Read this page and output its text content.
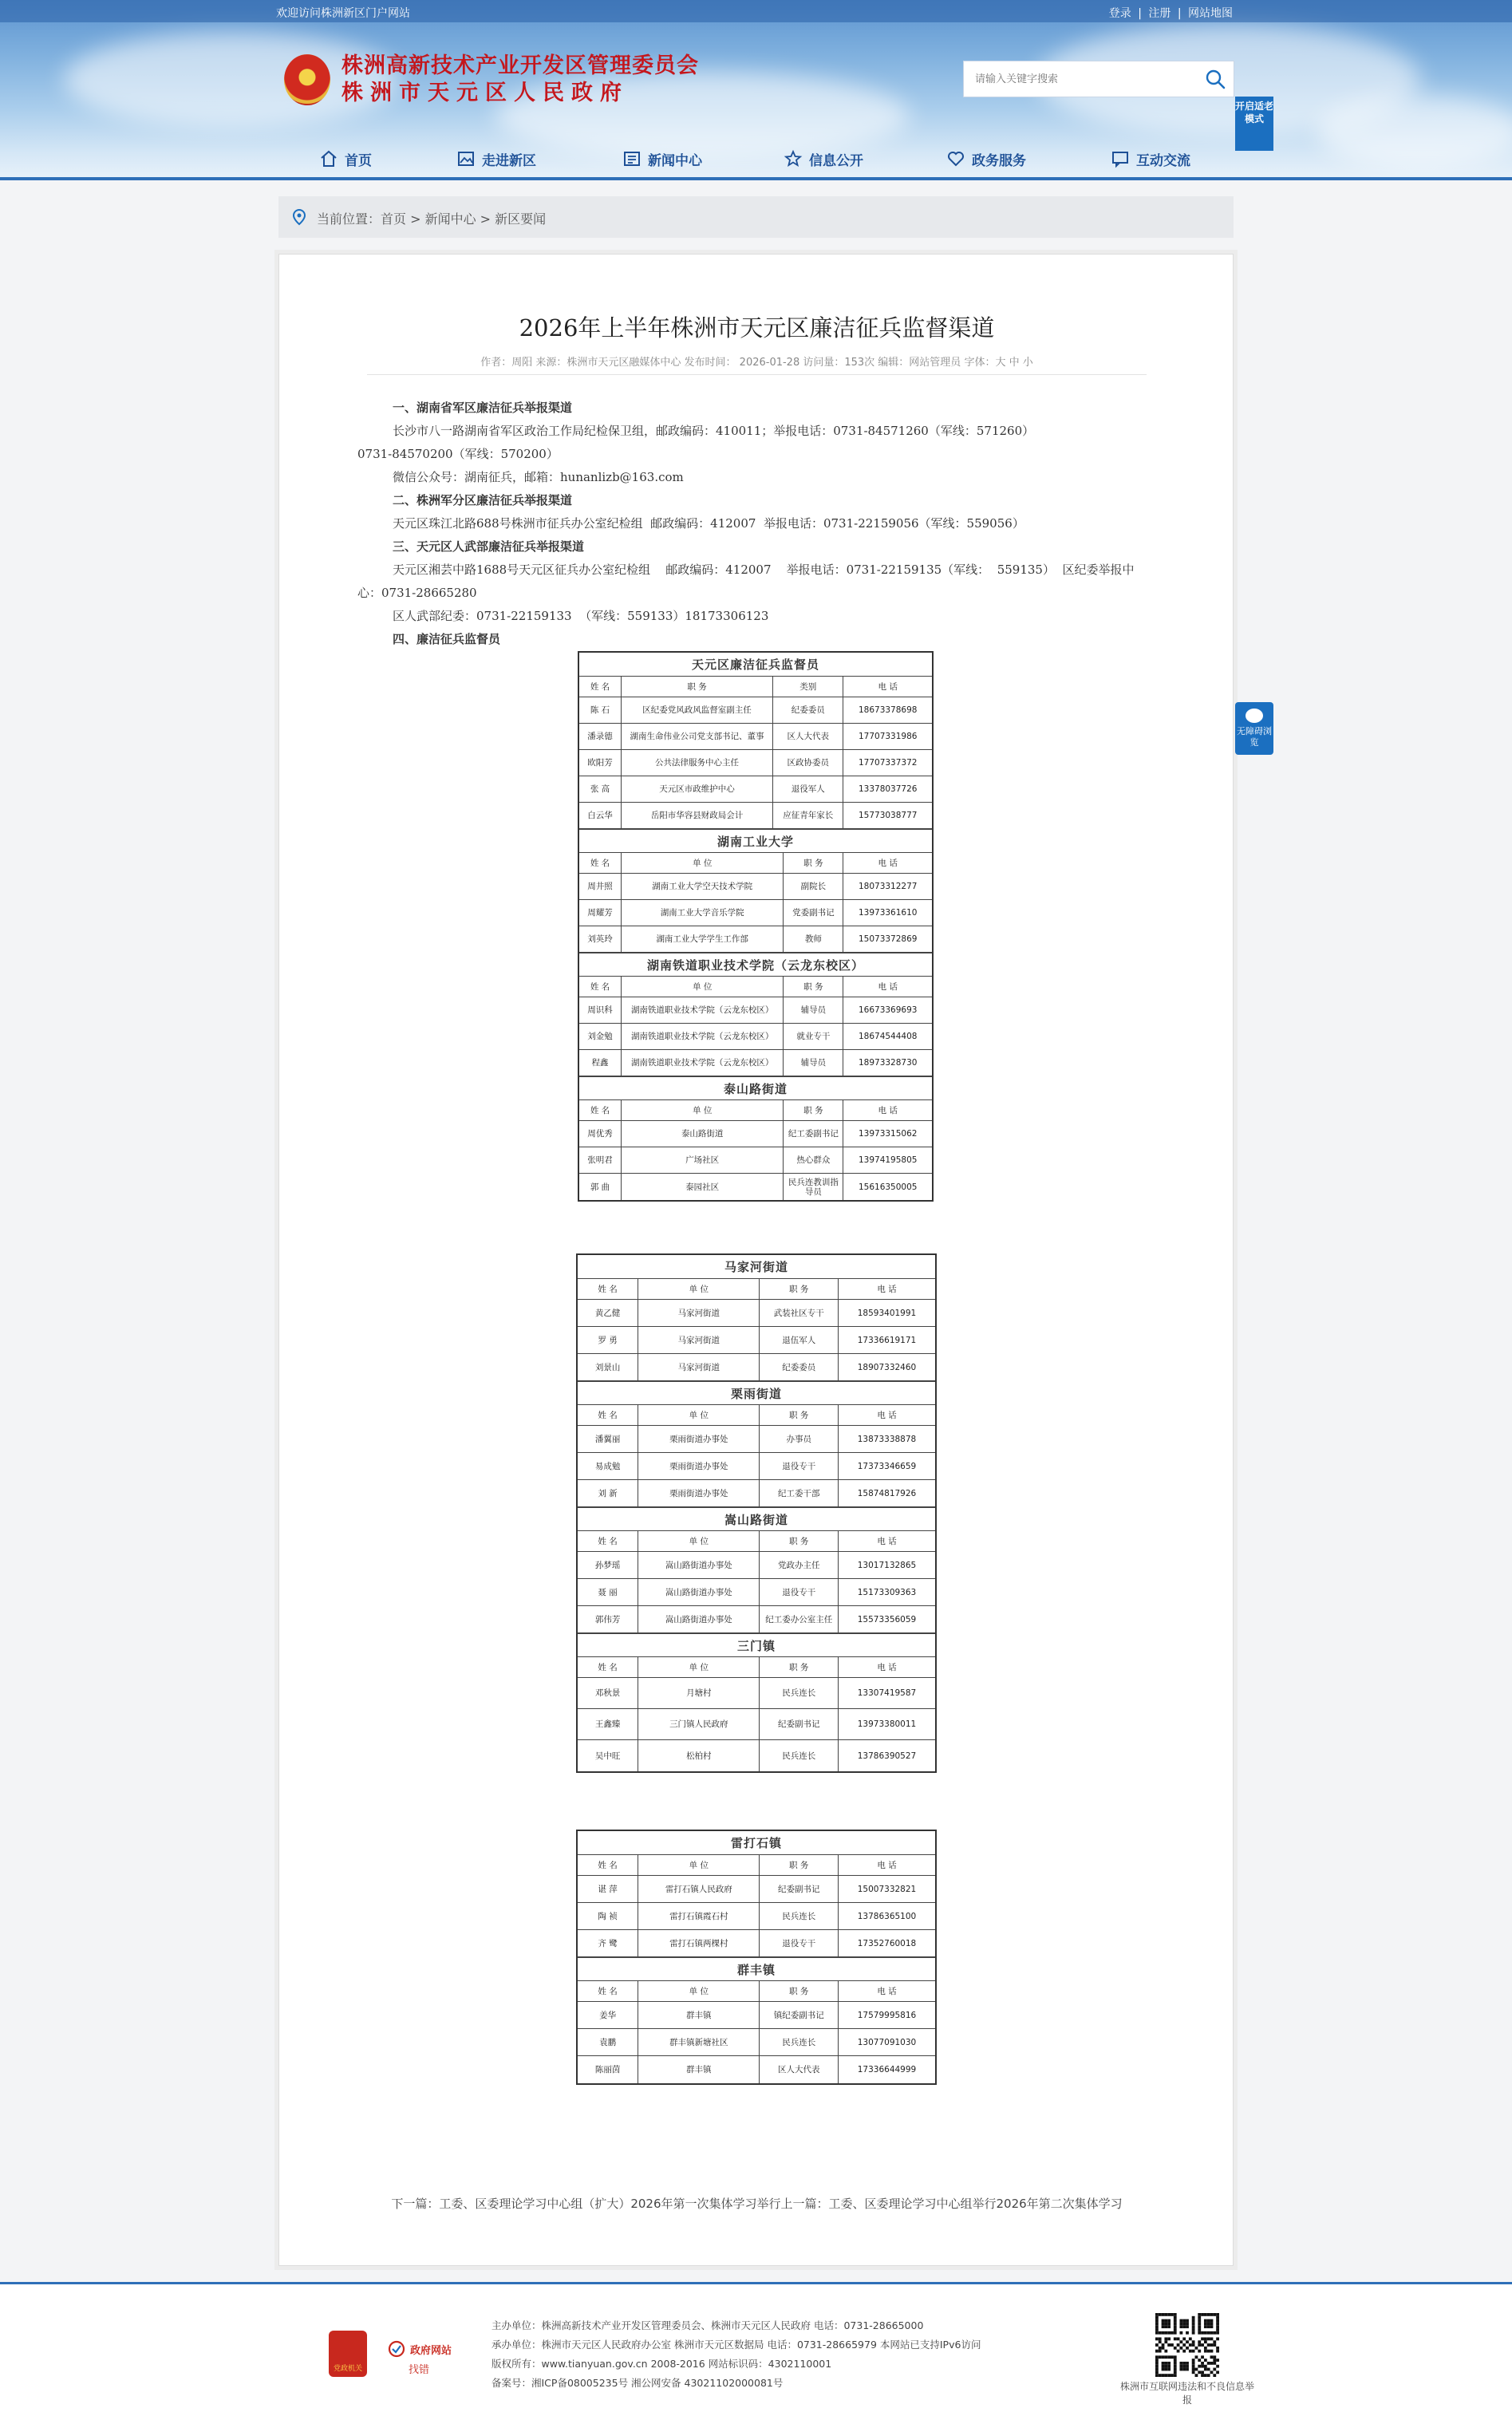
欢迎访问株洲新区门户网站	登录 | 注册 | 网站地图
株洲高新技术产业开发区管理委员会
株洲市天元区人民政府
请输入关键字搜索
首页	走进新区	新闻中心	信息公开	政务服务	互动交流
开启适老模式
当前位置：首页 > 新闻中心 > 新区要闻
2026年上半年株洲市天元区廉洁征兵监督渠道
作者：周阳 来源：株洲市天元区融媒体中心 发布时间： 2026-01-28 访问量：153次 编辑：网站管理员 字体：大 中 小

一、湖南省军区廉洁征兵举报渠道

长沙市八一路湖南省军区政治工作局纪检保卫组，邮政编码：410011；举报电话：0731-84571260（军线：571260）

0731-84570200（军线：570200）

微信公众号：湖南征兵，邮箱：hunanlizb@163.com

二、株洲军分区廉洁征兵举报渠道

天元区珠江北路688号株洲市征兵办公室纪检组  邮政编码：412007  举报电话：0731-22159056（军线：559056）

三、天元区人武部廉洁征兵举报渠道

天元区湘芸中路1688号天元区征兵办公室纪检组    邮政编码：412007    举报电话：0731-22159135（军线：  559135）  区纪委举报中

心：0731-28665280

区人武部纪委：0731-22159133  （军线：559133）18173306123

四、廉洁征兵监督员

天元区廉洁征兵监督员
姓 名	职 务	类别	电 话
陈 石	区纪委党风政风监督室副主任	纪委委员	18673378698
潘录德	湖南生命伟业公司党支部书记、董事	区人大代表	17707331986
欧阳芳	公共法律服务中心主任	区政协委员	17707337372
张 高	天元区市政维护中心	退役军人	13378037726
白云华	岳阳市华容县财政局会计	应征青年家长	15773038777
湖南工业大学
姓 名	单 位	职 务	电 话
周井照	湖南工业大学空天技术学院	副院长	18073312277
周耀芳	湖南工业大学音乐学院	党委副书记	13973361610
刘英玲	湖南工业大学学生工作部	教师	15073372869
湖南铁道职业技术学院（云龙东校区）
姓 名	单 位	职 务	电 话
周识科	湖南铁道职业技术学院（云龙东校区）	辅导员	16673369693
刘金勉	湖南铁道职业技术学院（云龙东校区）	就业专干	18674544408
程鑫	湖南铁道职业技术学院（云龙东校区）	辅导员	18973328730
泰山路街道
姓 名	单 位	职 务	电 话
周优秀	泰山路街道	纪工委副书记	13973315062
张明君	广场社区	热心群众	13974195805
郭 曲	泰园社区	民兵连教训指导员	15616350005
马家河街道
姓 名	单 位	职 务	电 话
黄乙健	马家河街道	武装社区专干	18593401991
罗 勇	马家河街道	退伍军人	17336619171
刘景山	马家河街道	纪委委员	18907332460
栗雨街道
姓 名	单 位	职 务	电 话
潘翼丽	栗雨街道办事处	办事员	13873338878
易成勉	栗雨街道办事处	退役专干	17373346659
刘 新	栗雨街道办事处	纪工委干部	15874817926
嵩山路街道
姓 名	单 位	职 务	电 话
孙梦瑶	嵩山路街道办事处	党政办主任	13017132865
聂 丽	嵩山路街道办事处	退役专干	15173309363
郭伟芳	嵩山路街道办事处	纪工委办公室主任	15573356059
三门镇
姓 名	单 位	职 务	电 话
邓秋景	月塘村	民兵连长	13307419587
王鑫臻	三门镇人民政府	纪委副书记	13973380011
吴中旺	松柏村	民兵连长	13786390527
雷打石镇
姓 名	单 位	职 务	电 话
谌 萍	雷打石镇人民政府	纪委副书记	15007332821
陶 祯	雷打石镇霞石村	民兵连长	13786365100
齐 鹭	雷打石镇两棵村	退役专干	17352760018
群丰镇
姓 名	单 位	职 务	电 话
姜华	群丰镇	镇纪委副书记	17579995816
袁鹏	群丰镇新塘社区	民兵连长	13077091030
陈丽茵	群丰镇	区人大代表	17336644999
下一篇：工委、区委理论学习中心组（扩大）2026年第一次集体学习举行上一篇：工委、区委理论学习中心组举行2026年第二次集体学习
无障碍浏览
党政机关
政府网站
找错
主办单位：株洲高新技术产业开发区管理委员会、株洲市天元区人民政府 电话：0731-28665000
承办单位：株洲市天元区人民政府办公室 株洲市天元区数据局 电话：0731-28665979 本网站已支持IPv6访问
版权所有：www.tianyuan.gov.cn 2008-2016 网站标识码：4302110001
备案号：湘ICP备08005235号 湘公网安备 43021102000081号	株洲市互联网违法和不良信息举报
